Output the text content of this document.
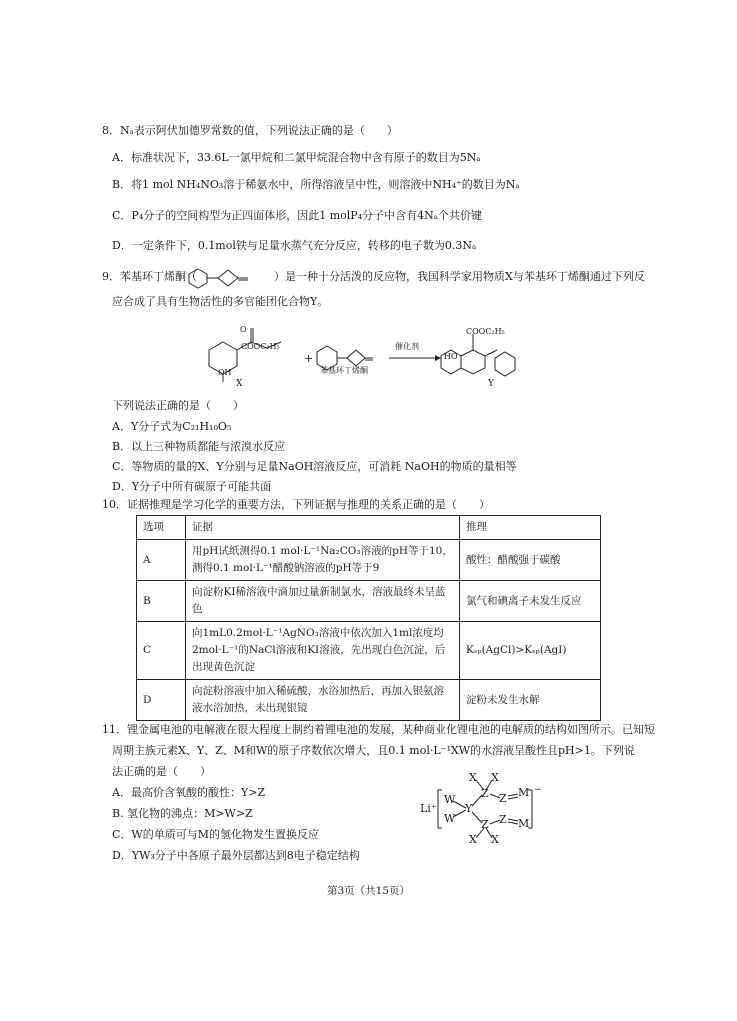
8．Nₐ表示阿伏加德罗常数的值，下列说法正确的是（　　）
A．标准状况下，33.6L一氯甲烷和二氯甲烷混合物中含有原子的数目为5Nₐ
B．将1 mol NH₄NO₃溶于稀氨水中，所得溶液呈中性，则溶液中NH₄⁺的数目为Nₐ
C．P₄分子的空间构型为正四面体形，因此1 molP₄分子中含有4Nₐ个共价键
D．一定条件下，0.1mol铁与足量水蒸气充分反应，转移的电子数为0.3Nₐ
9．苯基环丁烯酮（　　　　　　　）是一种十分活泼的反应物，我国科学家用物质X与苯基环丁烯酮通过下列反
应合成了具有生物活性的多官能团化合物Y。
COOC₂H₅
O
OH
X
+
苯基环丁烯酮
催化剂
COOC₂H₅
HO
Y
下列说法正确的是（　　）
A．Y分子式为C₂₁H₁₀O₅
B．以上三种物质都能与浓溴水反应
C．等物质的量的X、Y分别与足量NaOH溶液反应，可消耗 NaOH的物质的量相等
D．Y分子中所有碳原子可能共面
10．证据推理是学习化学的重要方法，下列证据与推理的关系正确的是（　　）
选项	证据	推理
A	用pH试纸测得0.1 mol·L⁻¹Na₂CO₃溶液的pH等于10，测得0.1 mol·L⁻¹醋酸钠溶液的pH等于9	酸性：醋酸强于碳酸
B	向淀粉KI稀溶液中滴加过量新制氯水，溶液最终未呈蓝色	氯气和碘离子未发生反应
C	向1mL0.2mol·L⁻¹AgNO₃溶液中依次加入1ml浓度均2mol·L⁻¹的NaCl溶液和KI溶液，先出现白色沉淀，后出现黄色沉淀	Kₛₚ(AgCl)>Kₛₚ(AgI)
D	向淀粉溶液中加入稀硫酸，水浴加热后，再加入银氨溶液水浴加热，未出现银镜	淀粉未发生水解
11．锂金属电池的电解液在很大程度上制约着锂电池的发展，某种商业化锂电池的电解质的结构如图所示。已知短
周期主族元素X、Y、Z、M和W的原子序数依次增大，且0.1 mol·L⁻¹XW的水溶液呈酸性且pH>1。下列说
法正确的是（　　）
A．最高价含氧酸的酸性：Y>Z
B. 氢化物的沸点：M>W>Z
C．W的单质可与M的氢化物发生置换反应
D．YW₃分子中各原子最外层都达到8电子稳定结构
Li⁺
W
W
Y
Z
Z
Z
Z
M
M
X X
X X
−
第3页（共15页）
